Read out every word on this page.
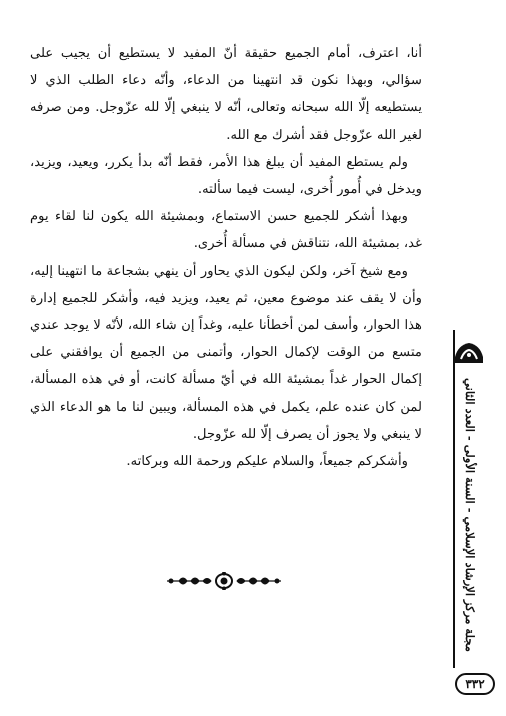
أنا، اعترف، أمام الجميع حقيقة أنّ المفيد لا يستطيع أن يجيب على سؤالي، وبهذا نكون قد انتهينا من الدعاء، وأنّه دعاء الطلب الذي لا يستطيعه إلّا الله سبحانه وتعالى، أنّه لا ينبغي إلّا لله عزّوجل. ومن صرفه لغير الله عزّوجل فقد أشرك مع الله.

ولم يستطع المفيد أن يبلغ هذا الأمر، فقط أنّه بدأ يكرر، ويعيد، ويزيد، ويدخل في أُمور أُخرى، ليست فيما سألته.

وبهذا أشكر للجميع حسن الاستماع، وبمشيئة الله يكون لنا لقاء يوم غد، بمشيئة الله، نتناقش في مسألة أُخرى.

ومع شيخ آخر، ولكن ليكون الذي يحاور أن ينهي بشجاعة ما انتهينا إليه، وأن لا يقف عند موضوع معين، ثم يعيد، ويزيد فيه، وأشكر للجميع إدارة هذا الحوار، وأسف لمن أخطأنا عليه، وغداً إن شاء الله، لأنّه لا يوجد عندي متسع من الوقت لإكمال الحوار، وأتمنى من الجميع أن يوافقني على إكمال الحوار غداً بمشيئة الله في أيّ مسألة كانت، أو في هذه المسألة، لمن كان عنده علم، يكمل في هذه المسألة، ويبين لنا ما هو الدعاء الذي لا ينبغي ولا يجوز أن يصرف إلّا لله عزّوجل.

وأشكركم جميعاً، والسلام عليكم ورحمة الله وبركاته.	مجلة مركز الإرشاد الإسلامي - السنة الأولى - العدد الثاني
٣٣٢
